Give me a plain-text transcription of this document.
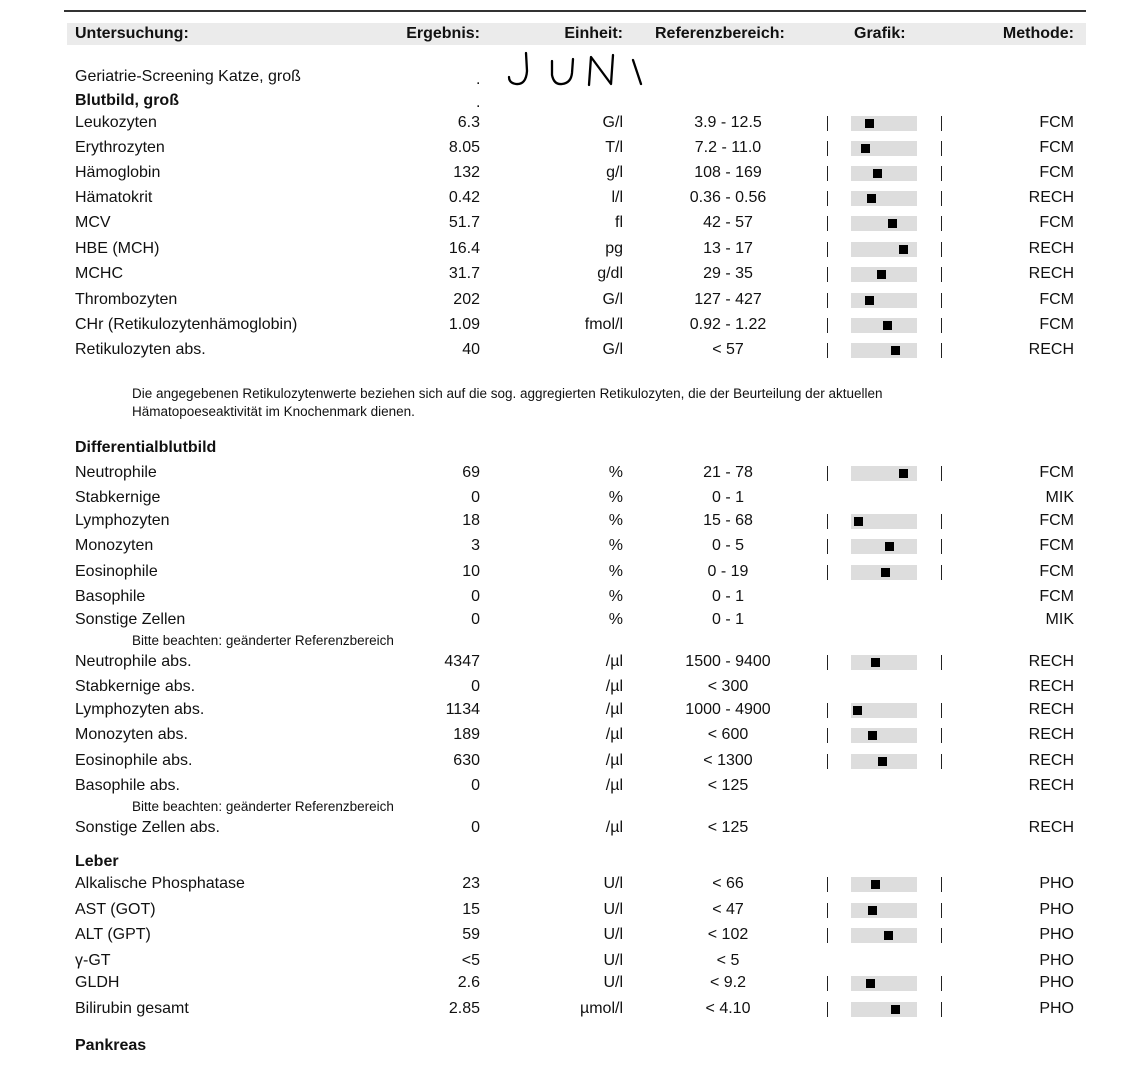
Untersuchung:	Ergebnis:	Einheit: Referenzbereich:	Grafik:	Methode:
Geriatrie-Screening Katze, groß	.
Blutbild, groß	.
Leukozyten	6.3	G/l	3.9 - 12.5	FCM
Erythrozyten	8.05	T/l	7.2 - 11.0	FCM
Hämoglobin	132	g/l	108 - 169	FCM
Hämatokrit	0.42	l/l	0.36 - 0.56	RECH
MCV	51.7	fl	42 - 57	FCM
HBE (MCH)	16.4	pg	13 - 17	RECH
MCHC	31.7	g/dl	29 - 35	RECH
Thrombozyten	202	G/l	127 - 427	FCM
CHr (Retikulozytenhämoglobin)	1.09	fmol/l	0.92 - 1.22	FCM
Retikulozyten abs.	40	G/l	< 57	RECH
Die angegebenen Retikulozytenwerte beziehen sich auf die sog. aggregierten Retikulozyten, die der Beurteilung der aktuellen
Hämatopoeseaktivität im Knochenmark dienen.
Differentialblutbild
Neutrophile	69	%	21 - 78	FCM
Stabkernige	0	%	0 - 1	MIK
Lymphozyten	18	%	15 - 68	FCM
Monozyten	3	%	0 - 5	FCM
Eosinophile	10	%	0 - 19	FCM
Basophile	0	%	0 - 1	FCM
Sonstige Zellen	0	%	0 - 1	MIK
Neutrophile abs.	4347	/µl	1500 - 9400	RECH
Stabkernige abs.	0	/µl	< 300	RECH
Lymphozyten abs.	1134	/µl	1000 - 4900	RECH
Monozyten abs.	189	/µl	< 600	RECH
Eosinophile abs.	630	/µl	< 1300	RECH
Basophile abs.	0	/µl	< 125	RECH
Sonstige Zellen abs.	0	/µl	< 125	RECH
Bitte beachten: geänderter Referenzbereich
Bitte beachten: geänderter Referenzbereich
Leber
Alkalische Phosphatase	23	U/l	< 66	PHO
AST (GOT)	15	U/l	< 47	PHO
ALT (GPT)	59	U/l	< 102	PHO
γ-GT	<5	U/l	< 5	PHO
GLDH	2.6	U/l	< 9.2	PHO
Bilirubin gesamt	2.85	µmol/l	< 4.10	PHO
Pankreas
